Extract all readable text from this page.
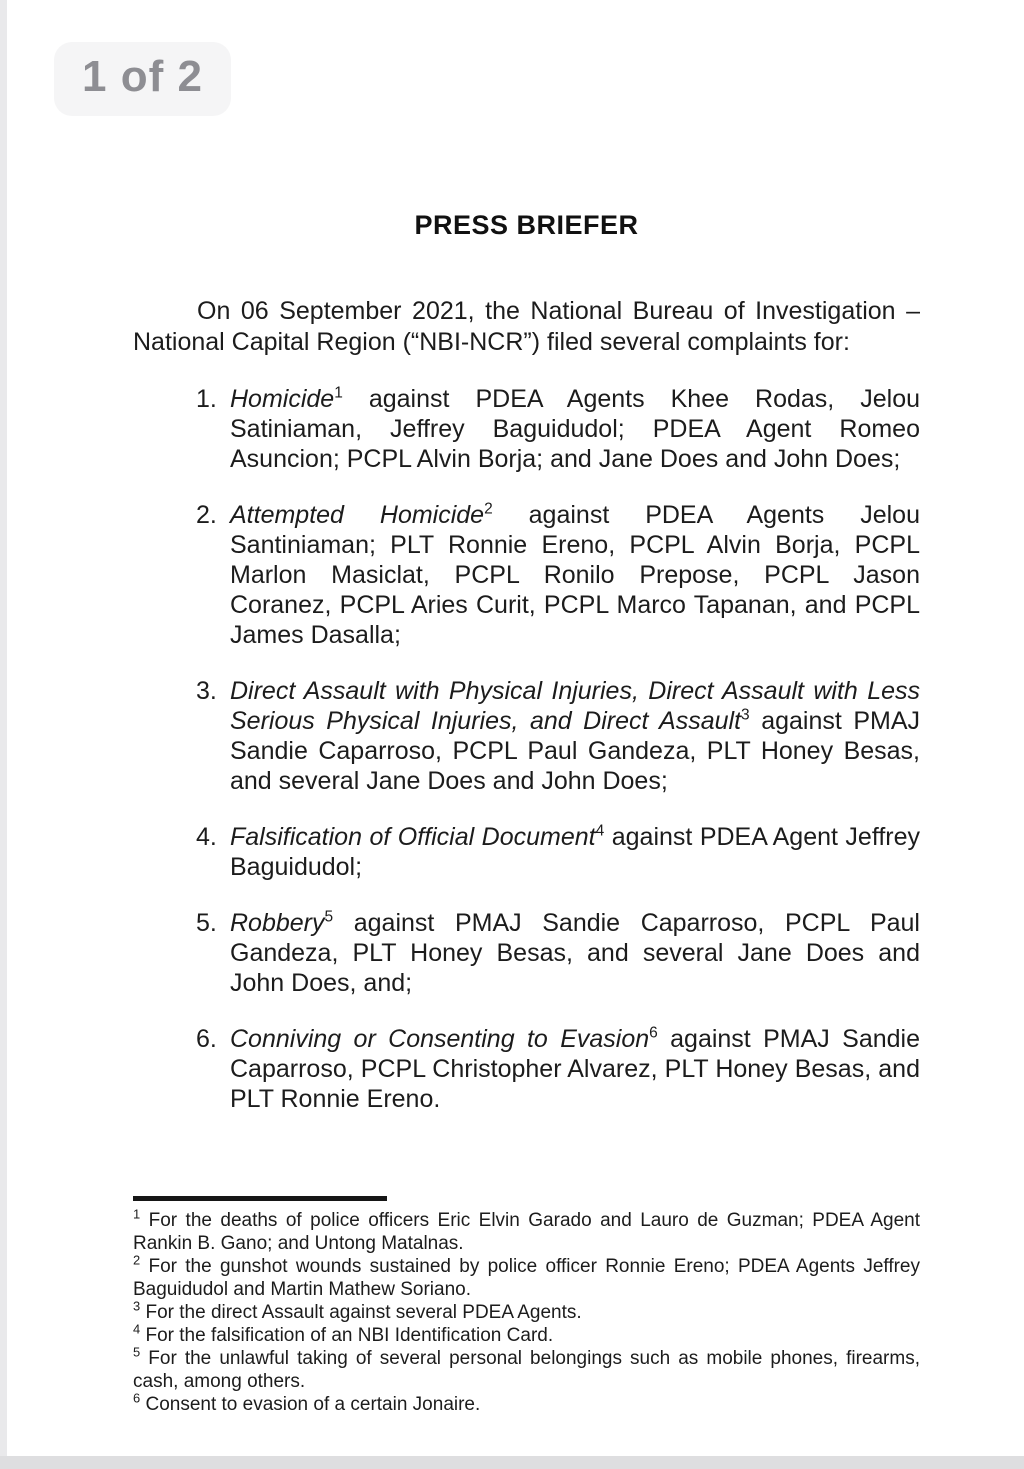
1 of 2
PRESS BRIEFER

On 06 September 2021, the National Bureau of Investigation – National Capital Region (“NBI-NCR”) filed several complaints for:

1. Homicide$^1$ against PDEA Agents Khee Rodas, Jelou Satiniaman, Jeffrey Baguidudol; PDEA Agent Romeo Asuncion; PCPL Alvin Borja; and Jane Does and John Does;
2. Attempted Homicide$^2$ against PDEA Agents Jelou Santiniaman; PLT Ronnie Ereno, PCPL Alvin Borja, PCPL Marlon Masiclat, PCPL Ronilo Prepose, PCPL Jason Coranez, PCPL Aries Curit, PCPL Marco Tapanan, and PCPL James Dasalla;
3. Direct Assault with Physical Injuries, Direct Assault with Less Serious Physical Injuries, and Direct Assault$^3$ against PMAJ Sandie Caparroso, PCPL Paul Gandeza, PLT Honey Besas, and several Jane Does and John Does;
4. Falsification of Official Document$^4$ against PDEA Agent Jeffrey Baguidudol;
5. Robbery$^5$ against PMAJ Sandie Caparroso, PCPL Paul Gandeza, PLT Honey Besas, and several Jane Does and John Does, and;
6. Conniving or Consenting to Evasion$^6$ against PMAJ Sandie Caparroso, PCPL Christopher Alvarez, PLT Honey Besas, and PLT Ronnie Ereno.

$^1$ For the deaths of police officers Eric Elvin Garado and Lauro de Guzman; PDEA Agent Rankin B. Gano; and Untong Matalnas.

$^2$ For the gunshot wounds sustained by police officer Ronnie Ereno; PDEA Agents Jeffrey Baguidudol and Martin Mathew Soriano.

$^3$ For the direct Assault against several PDEA Agents.

$^4$ For the falsification of an NBI Identification Card.

$^5$ For the unlawful taking of several personal belongings such as mobile phones, firearms, cash, among others.

$^6$ Consent to evasion of a certain Jonaire.
